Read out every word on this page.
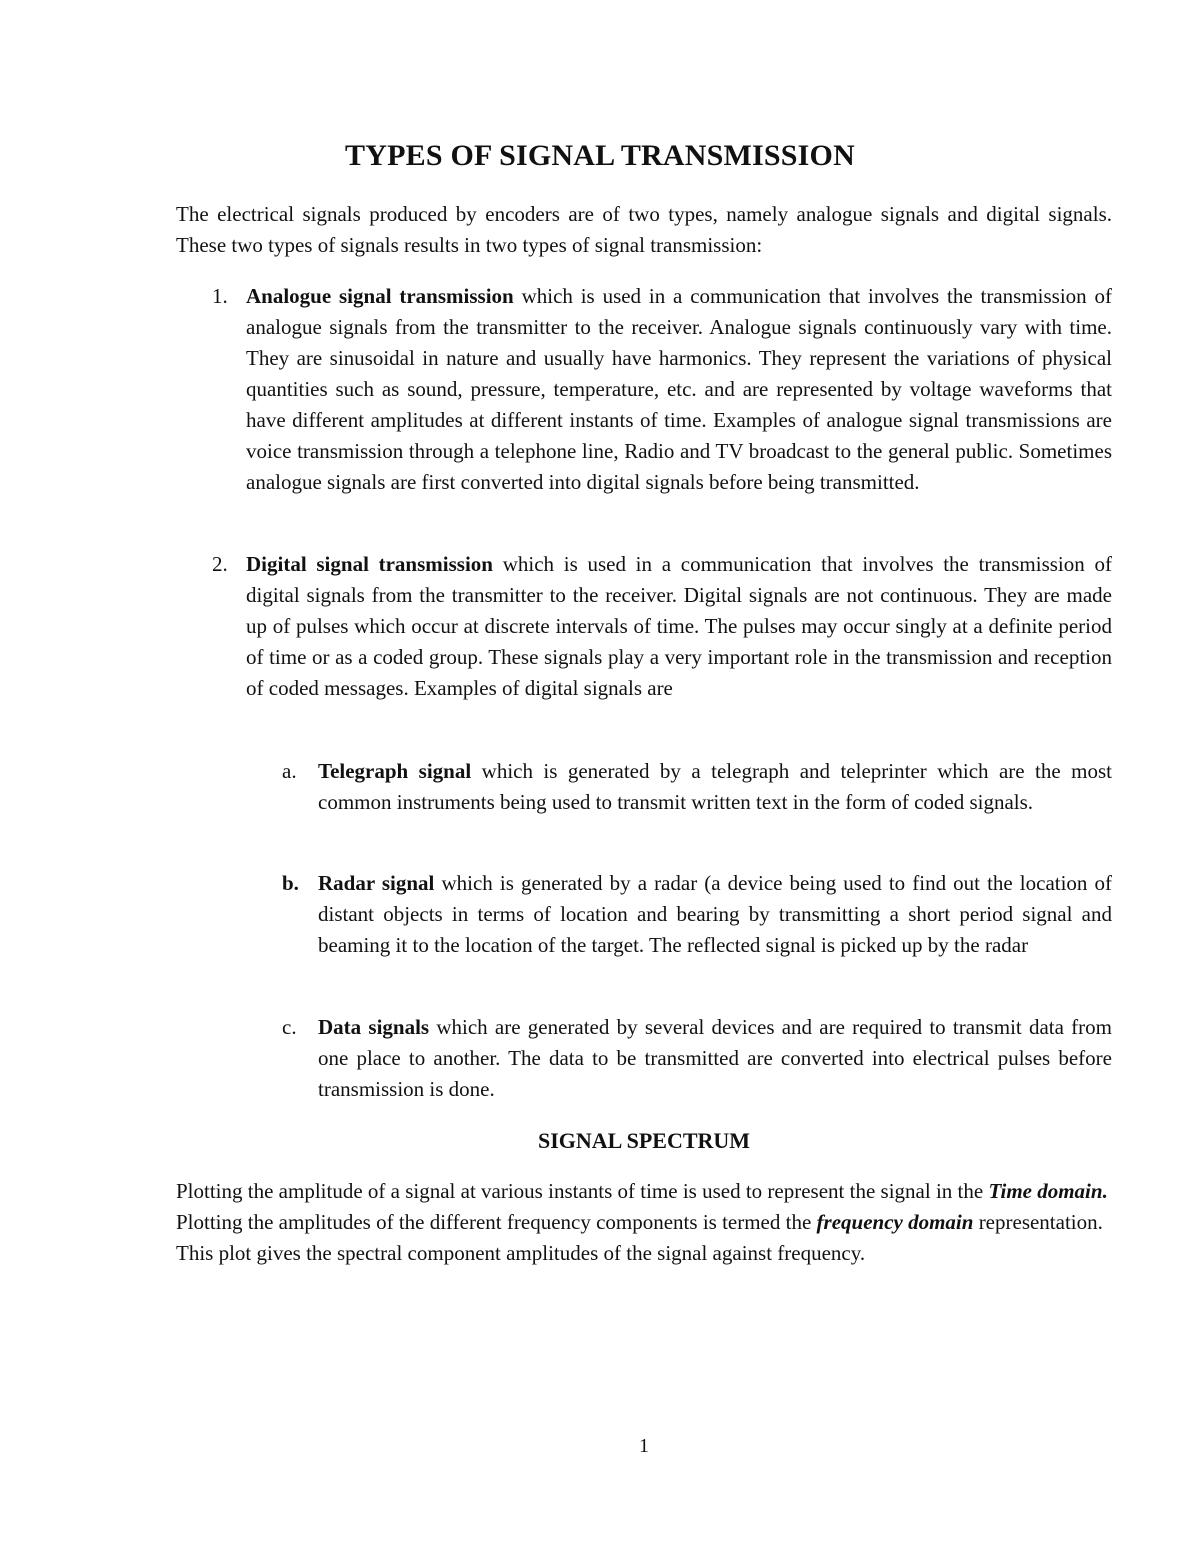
TYPES OF SIGNAL TRANSMISSION
The electrical signals produced by encoders are of two types, namely analogue signals and digital signals. These two types of signals results in two types of signal transmission:
1. Analogue signal transmission which is used in a communication that involves the transmission of analogue signals from the transmitter to the receiver. Analogue signals continuously vary with time. They are sinusoidal in nature and usually have harmonics. They represent the variations of physical quantities such as sound, pressure, temperature, etc. and are represented by voltage waveforms that have different amplitudes at different instants of time. Examples of analogue signal transmissions are voice transmission through a telephone line, Radio and TV broadcast to the general public. Sometimes analogue signals are first converted into digital signals before being transmitted.
2. Digital signal transmission which is used in a communication that involves the transmission of digital signals from the transmitter to the receiver. Digital signals are not continuous. They are made up of pulses which occur at discrete intervals of time. The pulses may occur singly at a definite period of time or as a coded group. These signals play a very important role in the transmission and reception of coded messages. Examples of digital signals are
a. Telegraph signal which is generated by a telegraph and teleprinter which are the most common instruments being used to transmit written text in the form of coded signals.
b. Radar signal which is generated by a radar (a device being used to find out the location of distant objects in terms of location and bearing by transmitting a short period signal and beaming it to the location of the target. The reflected signal is picked up by the radar
c. Data signals which are generated by several devices and are required to transmit data from one place to another. The data to be transmitted are converted into electrical pulses before transmission is done.
SIGNAL SPECTRUM
Plotting the amplitude of a signal at various instants of time is used to represent the signal in the Time domain. Plotting the amplitudes of the different frequency components is termed the frequency domain representation. This plot gives the spectral component amplitudes of the signal against frequency.
1
